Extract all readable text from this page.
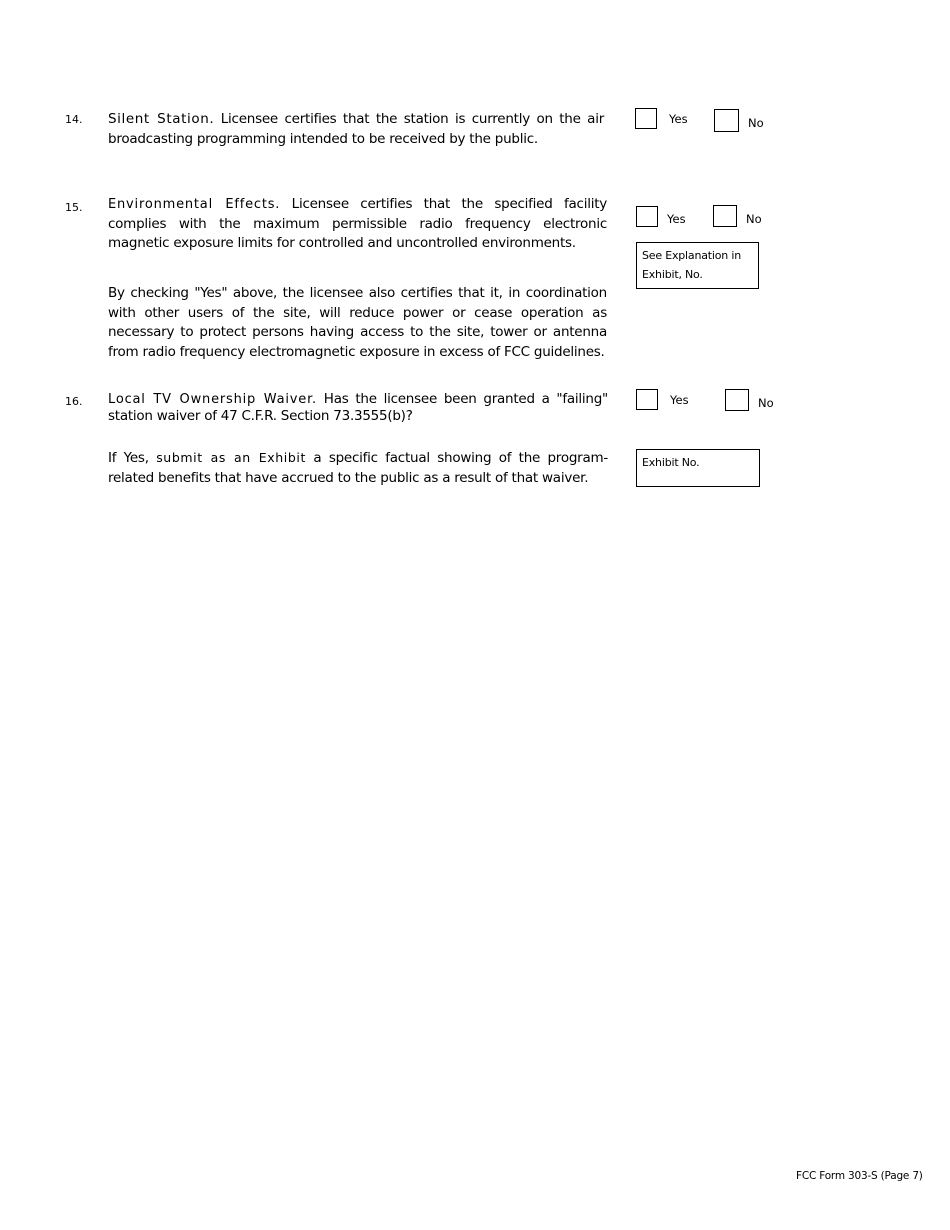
14. Silent Station. Licensee certifies that the station is currently on the air broadcasting programming intended to be received by the public.
Yes	No
15. Environmental Effects. Licensee certifies that the specified facility complies with the maximum permissible radio frequency electronic magnetic exposure limits for controlled and uncontrolled environments.
Yes	No
See Explanation in Exhibit, No.
By checking "Yes" above, the licensee also certifies that it, in coordination with other users of the site, will reduce power or cease operation as necessary to protect persons having access to the site, tower or antenna from radio frequency electromagnetic exposure in excess of FCC guidelines.
16. Local TV Ownership Waiver. Has the licensee been granted a "failing" station waiver of 47 C.F.R. Section 73.3555(b)?
Yes	No
If Yes, submit as an Exhibit a specific factual showing of the program-related benefits that have accrued to the public as a result of that waiver.
Exhibit No.
FCC Form 303-S (Page 7)
